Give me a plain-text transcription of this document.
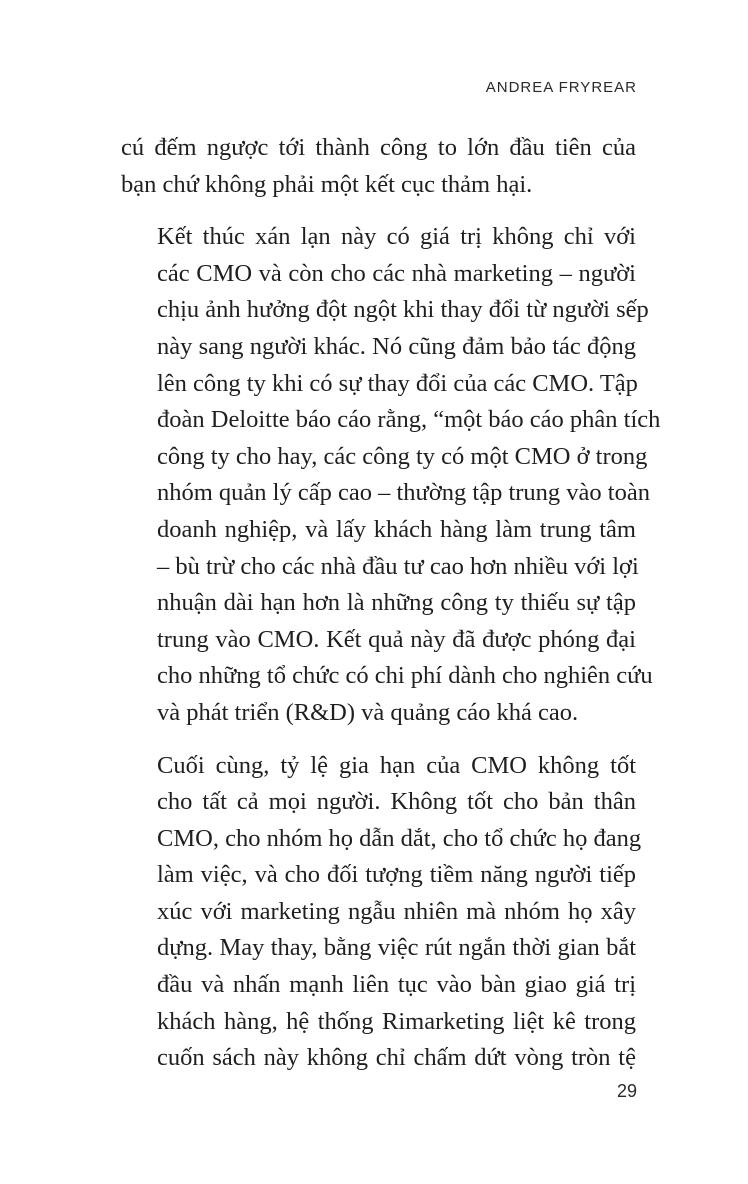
ANDREA FRYREAR

cú đếm ngược tới thành công to lớn đầu tiên của
bạn chứ không phải một kết cục thảm hại.

Kết thúc xán lạn này có giá trị không chỉ với
các CMO và còn cho các nhà marketing – người
chịu ảnh hưởng đột ngột khi thay đổi từ người sếp
này sang người khác. Nó cũng đảm bảo tác động
lên công ty khi có sự thay đổi của các CMO. Tập
đoàn Deloitte báo cáo rằng, “một báo cáo phân tích
công ty cho hay, các công ty có một CMO ở trong
nhóm quản lý cấp cao – thường tập trung vào toàn
doanh nghiệp, và lấy khách hàng làm trung tâm
– bù trừ cho các nhà đầu tư cao hơn nhiều với lợi
nhuận dài hạn hơn là những công ty thiếu sự tập
trung vào CMO. Kết quả này đã được phóng đại
cho những tổ chức có chi phí dành cho nghiên cứu
và phát triển (R&D) và quảng cáo khá cao.

Cuối cùng, tỷ lệ gia hạn của CMO không tốt
cho tất cả mọi người. Không tốt cho bản thân
CMO, cho nhóm họ dẫn dắt, cho tổ chức họ đang
làm việc, và cho đối tượng tiềm năng người tiếp
xúc với marketing ngẫu nhiên mà nhóm họ xây
dựng. May thay, bằng việc rút ngắn thời gian bắt
đầu và nhấn mạnh liên tục vào bàn giao giá trị
khách hàng, hệ thống Rimarketing liệt kê trong
cuốn sách này không chỉ chấm dứt vòng tròn tệ

29
